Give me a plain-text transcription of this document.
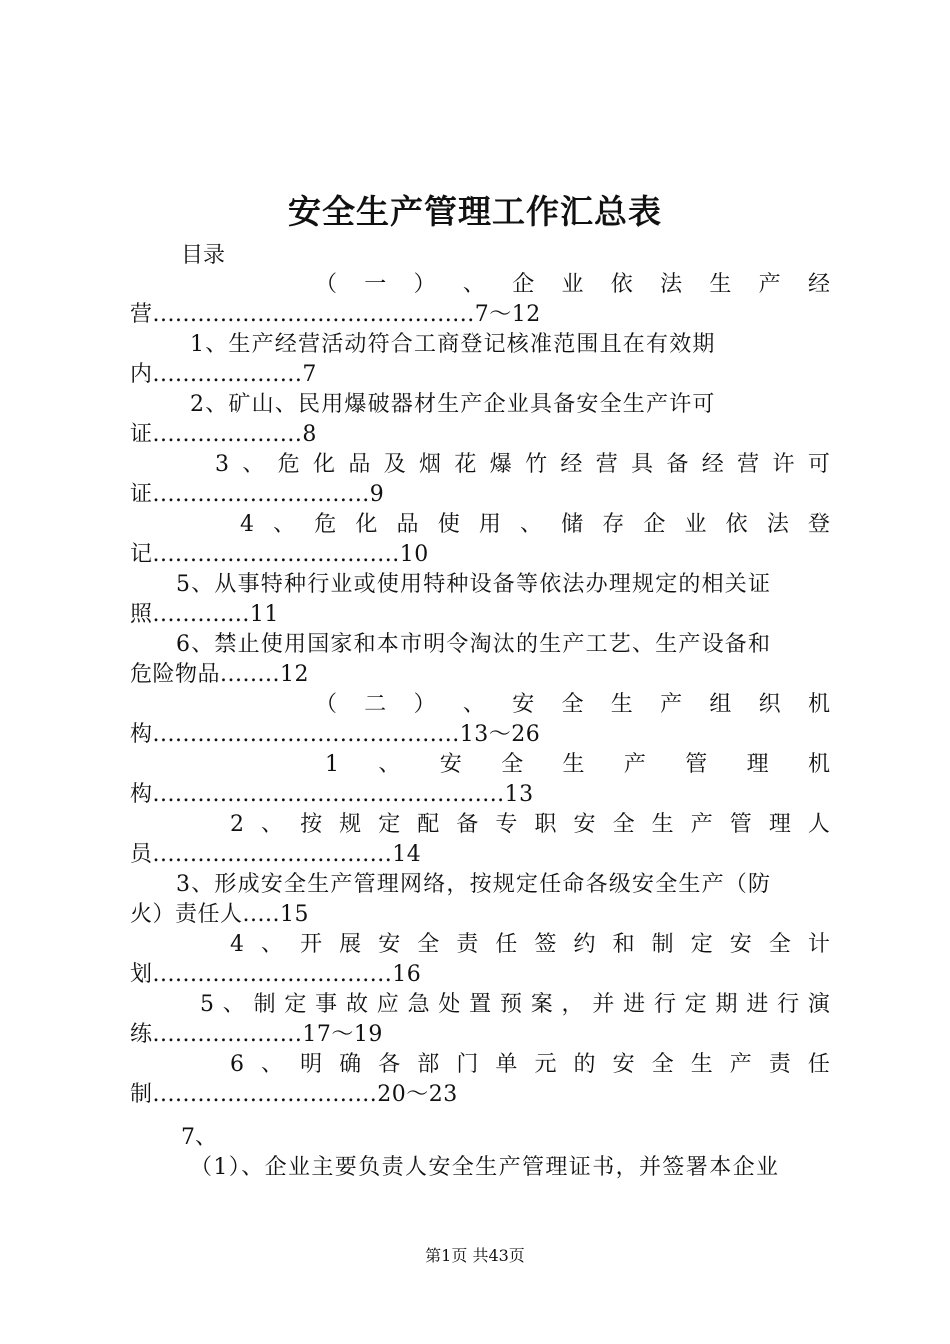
安全生产管理工作汇总表
目录
（ 一 ） 、 企 业 依 法 生 产 经
营...........................................7～12
1、生产经营活动符合工商登记核准范围且在有效期
内....................7
2、矿山、民用爆破器材生产企业具备安全生产许可
证....................8
3 、 危 化 品 及 烟 花 爆 竹 经 营 具 备 经 营 许 可
证.............................9
4 、 危 化 品 使 用 、 储 存 企 业 依 法 登
记.................................10
5、从事特种行业或使用特种设备等依法办理规定的相关证
照.............11
6、禁止使用国家和本市明令淘汰的生产工艺、生产设备和
危险物品........12
（ 二 ） 、 安 全 生 产 组 织 机
构.........................................13～26
1 、 安 全 生 产 管 理 机
构...............................................13
2 、 按 规 定 配 备 专 职 安 全 生 产 管 理 人
员................................14
3、形成安全生产管理网络，按规定任命各级安全生产（防
火）责任人.....15
4 、 开 展 安 全 责 任 签 约 和 制 定 安 全 计
划................................16
5 、 制 定 事 故 应 急 处 置 预 案 ， 并 进 行 定 期 进 行 演
练....................17～19
6 、 明 确 各 部 门 单 元 的 安 全 生 产 责 任
制..............................20～23
7、
（1）、企业主要负责人安全生产管理证书，并签署本企业
第1页 共43页
